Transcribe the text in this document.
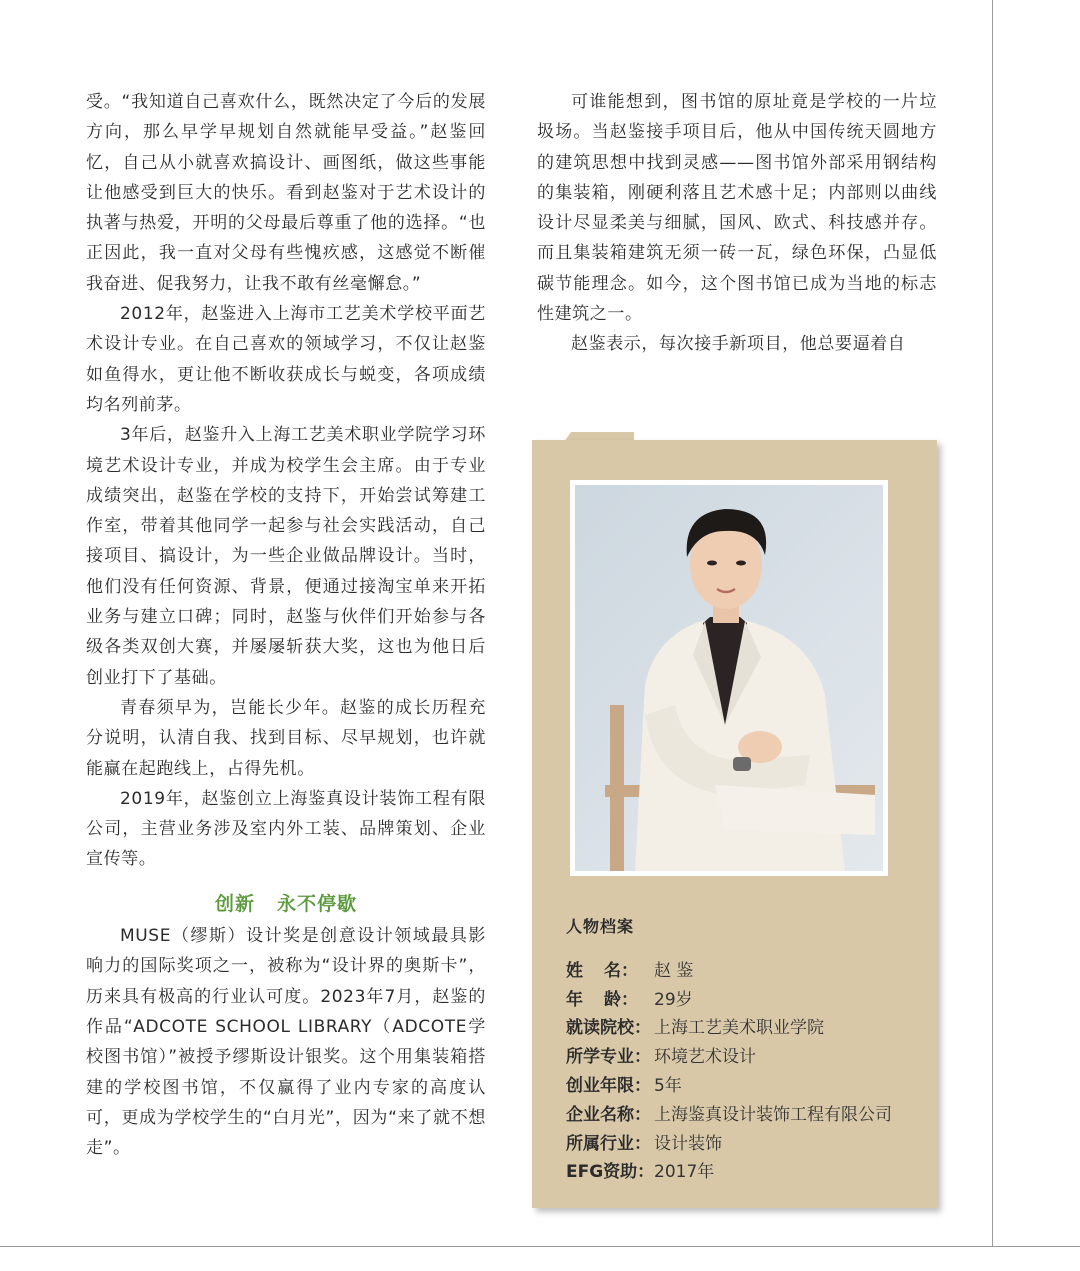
受。“我知道自己喜欢什么，既然决定了今后的发展方向，那么早学早规划自然就能早受益。”赵鉴回忆，自己从小就喜欢搞设计、画图纸，做这些事能让他感受到巨大的快乐。看到赵鉴对于艺术设计的执著与热爱，开明的父母最后尊重了他的选择。“也正因此，我一直对父母有些愧疚感，这感觉不断催我奋进、促我努力，让我不敢有丝毫懈怠。”

2012年，赵鉴进入上海市工艺美术学校平面艺术设计专业。在自己喜欢的领域学习，不仅让赵鉴如鱼得水，更让他不断收获成长与蜕变，各项成绩均名列前茅。

3年后，赵鉴升入上海工艺美术职业学院学习环境艺术设计专业，并成为校学生会主席。由于专业成绩突出，赵鉴在学校的支持下，开始尝试筹建工作室，带着其他同学一起参与社会实践活动，自己接项目、搞设计，为一些企业做品牌设计。当时，他们没有任何资源、背景，便通过接淘宝单来开拓业务与建立口碑；同时，赵鉴与伙伴们开始参与各级各类双创大赛，并屡屡斩获大奖，这也为他日后创业打下了基础。

青春须早为，岂能长少年。赵鉴的成长历程充分说明，认清自我、找到目标、尽早规划，也许就能赢在起跑线上，占得先机。

2019年，赵鉴创立上海鉴真设计装饰工程有限公司，主营业务涉及室内外工装、品牌策划、企业宣传等。

创新 永不停歇

MUSE（缪斯）设计奖是创意设计领域最具影响力的国际奖项之一，被称为“设计界的奥斯卡”，历来具有极高的行业认可度。2023年7月，赵鉴的作品“ADCOTE SCHOOL LIBRARY（ADCOTE学校图书馆）”被授予缪斯设计银奖。这个用集装箱搭建的学校图书馆，不仅赢得了业内专家的高度认可，更成为学校学生的“白月光”，因为“来了就不想走”。

可谁能想到，图书馆的原址竟是学校的一片垃圾场。当赵鉴接手项目后，他从中国传统天圆地方的建筑思想中找到灵感——图书馆外部采用钢结构的集装箱，刚硬利落且艺术感十足；内部则以曲线设计尽显柔美与细腻，国风、欧式、科技感并存。而且集装箱建筑无须一砖一瓦，绿色环保，凸显低碳节能理念。如今，这个图书馆已成为当地的标志性建筑之一。

赵鉴表示，每次接手新项目，他总要逼着自

人物档案
姓 名： 赵 鉴
年 龄： 29岁
就读院校： 上海工艺美术职业学院
所学专业： 环境艺术设计
创业年限： 5年
企业名称： 上海鉴真设计装饰工程有限公司
所属行业： 设计装饰
EFG资助： 2017年
